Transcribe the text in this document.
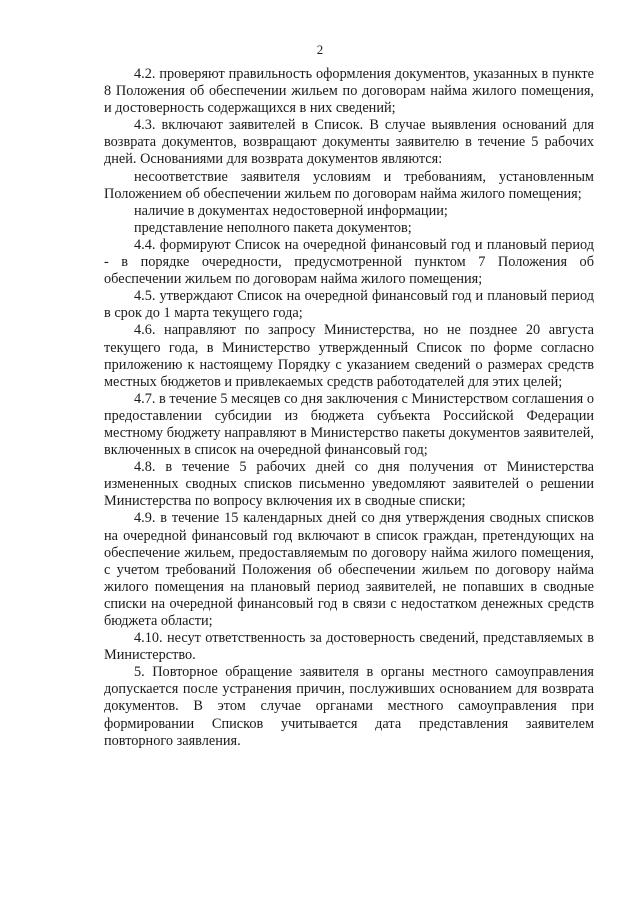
2

4.2. проверяют правильность оформления документов, указанных в пункте 8 Положения об обеспечении жильем по договорам найма жилого помещения, и достоверность содержащихся в них сведений;

4.3. включают заявителей в Список. В случае выявления оснований для возврата документов, возвращают документы заявителю в течение 5 рабочих дней. Основаниями для возврата документов являются:

несоответствие заявителя условиям и требованиям, установленным Положением об обеспечении жильем по договорам найма жилого помещения;

наличие в документах недостоверной информации;

представление неполного пакета документов;

4.4. формируют Список на очередной финансовый год и плановый период - в порядке очередности, предусмотренной пунктом 7 Положения об обеспечении жильем по договорам найма жилого помещения;

4.5. утверждают Список на очередной финансовый год и плановый период в срок до 1 марта текущего года;

4.6. направляют по запросу Министерства, но не позднее 20 августа текущего года, в Министерство утвержденный Список по форме согласно приложению к настоящему Порядку с указанием сведений о размерах средств местных бюджетов и привлекаемых средств работодателей для этих целей;

4.7. в течение 5 месяцев со дня заключения с Министерством соглашения о предоставлении субсидии из бюджета субъекта Российской Федерации местному бюджету направляют в Министерство пакеты документов заявителей, включенных в список на очередной финансовый год;

4.8. в течение 5 рабочих дней со дня получения от Министерства измененных сводных списков письменно уведомляют заявителей о решении Министерства по вопросу включения их в сводные списки;

4.9. в течение 15 календарных дней со дня утверждения сводных списков на очередной финансовый год включают в список граждан, претендующих на обеспечение жильем, предоставляемым по договору найма жилого помещения, с учетом требований Положения об обеспечении жильем по договору найма жилого помещения на плановый период заявителей, не попавших в сводные списки на очередной финансовый год в связи с недостатком денежных средств бюджета области;

4.10. несут ответственность за достоверность сведений, представляемых в Министерство.

5. Повторное обращение заявителя в органы местного самоуправления допускается после устранения причин, послуживших основанием для возврата документов. В этом случае органами местного самоуправления при формировании Списков учитывается дата представления заявителем повторного заявления.
